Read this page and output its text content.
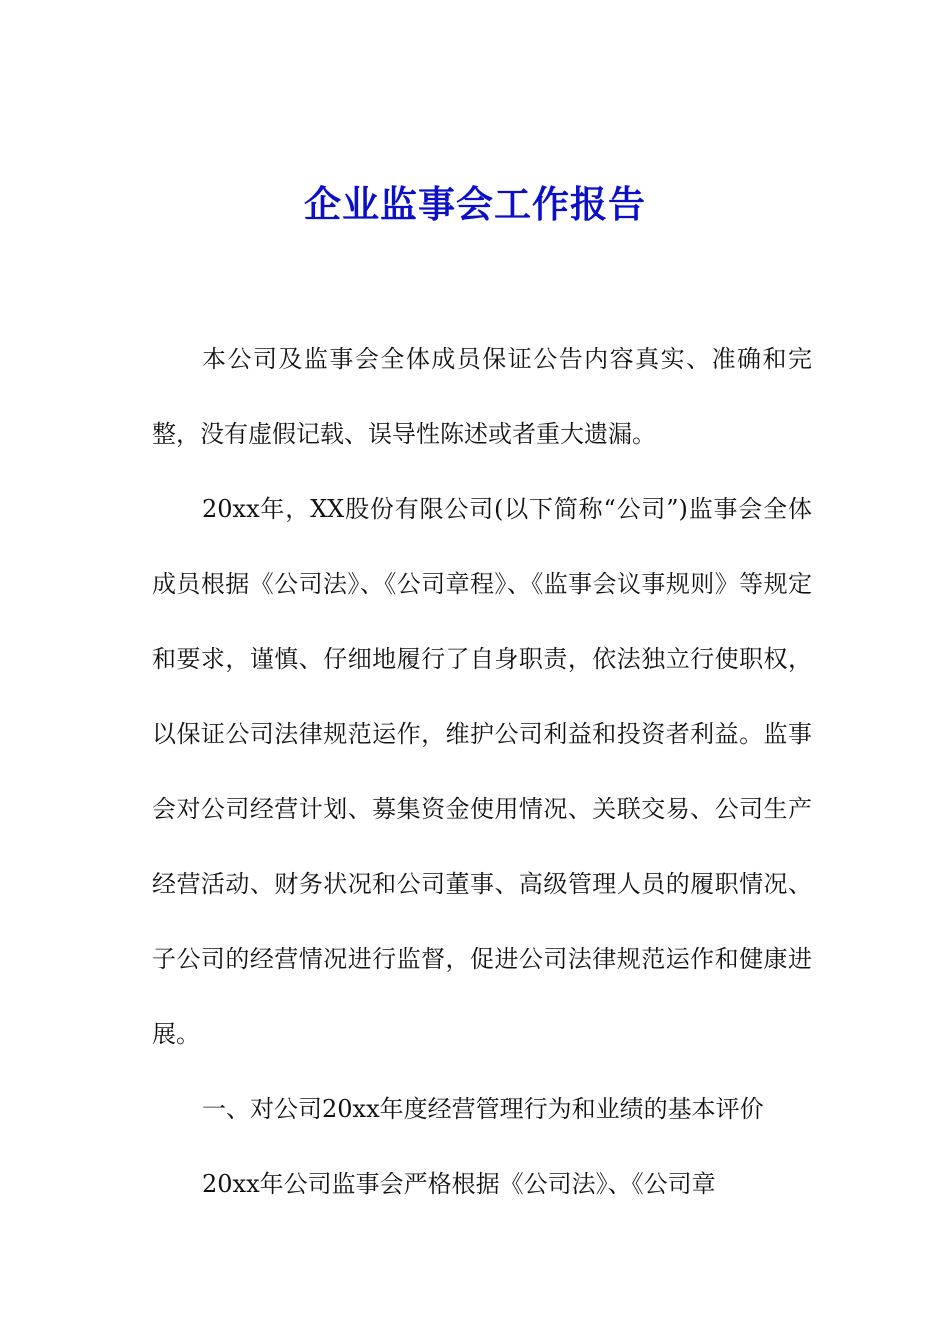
企业监事会工作报告

本公司及监事会全体成员保证公告内容真实、准确和完整，没有虚假记载、误导性陈述或者重大遗漏。

20xx年，XX股份有限公司(以下简称“公司”)监事会全体成员根据《公司法》、《公司章程》、《监事会议事规则》等规定和要求，谨慎、仔细地履行了自身职责，依法独立行使职权，以保证公司法律规范运作，维护公司利益和投资者利益。监事会对公司经营计划、募集资金使用情况、关联交易、公司生产经营活动、财务状况和公司董事、高级管理人员的履职情况、子公司的经营情况进行监督，促进公司法律规范运作和健康进展。

一、对公司20xx年度经营管理行为和业绩的基本评价

20xx年公司监事会严格根据《公司法》、《公司章
